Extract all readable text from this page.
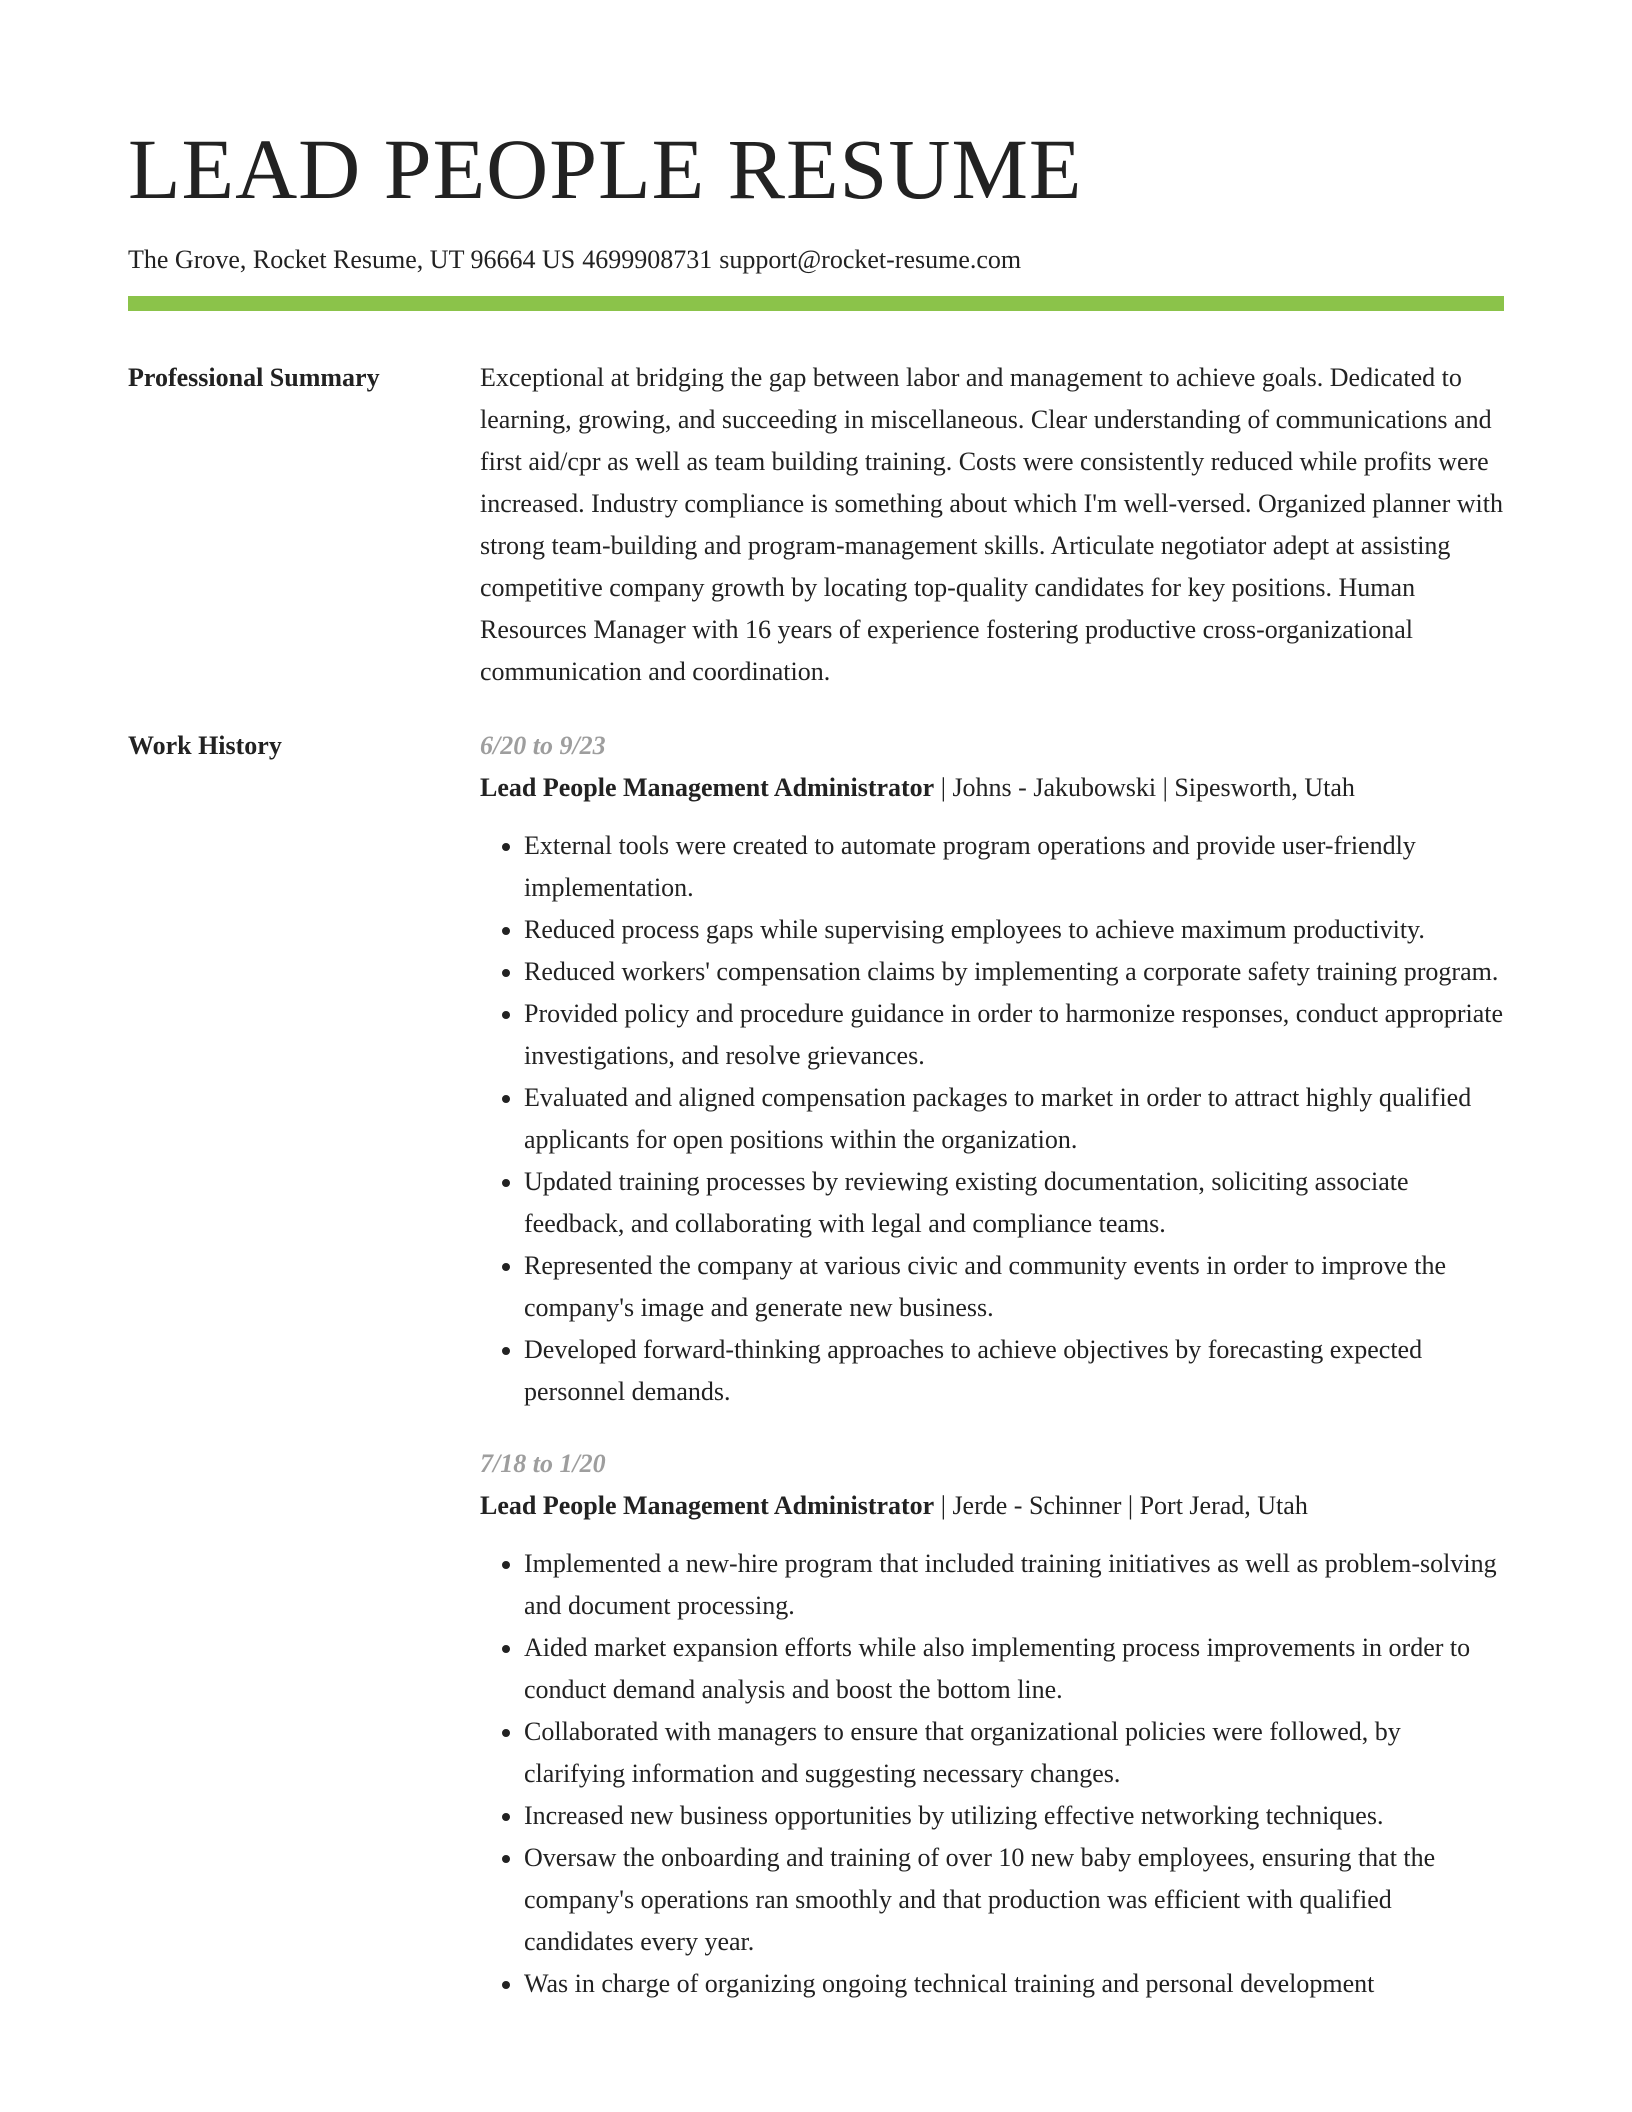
LEAD PEOPLE RESUME
The Grove, Rocket Resume, UT 96664 US 4699908731 support@rocket-resume.com
Professional Summary	Exceptional at bridging the gap between labor and management to achieve goals. Dedicated to learning, growing, and succeeding in miscellaneous. Clear understanding of communications and first aid/cpr as well as team building training. Costs were consistently reduced while profits were increased. Industry compliance is something about which I'm well-versed. Organized planner with strong team-building and program-management skills. Articulate negotiator adept at assisting competitive company growth by locating top-quality candidates for key positions. Human Resources Manager with 16 years of experience fostering productive cross-organizational communication and coordination.

Work History	6/20 to 9/23
Lead People Management Administrator | Johns - Jakubowski | Sipesworth, Utah
• External tools were created to automate program operations and provide user-friendly implementation.
• Reduced process gaps while supervising employees to achieve maximum productivity.
• Reduced workers' compensation claims by implementing a corporate safety training program.
• Provided policy and procedure guidance in order to harmonize responses, conduct appropriate investigations, and resolve grievances.
• Evaluated and aligned compensation packages to market in order to attract highly qualified applicants for open positions within the organization.
• Updated training processes by reviewing existing documentation, soliciting associate feedback, and collaborating with legal and compliance teams.
• Represented the company at various civic and community events in order to improve the company's image and generate new business.
• Developed forward-thinking approaches to achieve objectives by forecasting expected personnel demands.
7/18 to 1/20
Lead People Management Administrator | Jerde - Schinner | Port Jerad, Utah
• Implemented a new-hire program that included training initiatives as well as problem-solving and document processing.
• Aided market expansion efforts while also implementing process improvements in order to conduct demand analysis and boost the bottom line.
• Collaborated with managers to ensure that organizational policies were followed, by clarifying information and suggesting necessary changes.
• Increased new business opportunities by utilizing effective networking techniques.
• Oversaw the onboarding and training of over 10 new baby employees, ensuring that the company's operations ran smoothly and that production was efficient with qualified candidates every year.
• Was in charge of organizing ongoing technical training and personal development
